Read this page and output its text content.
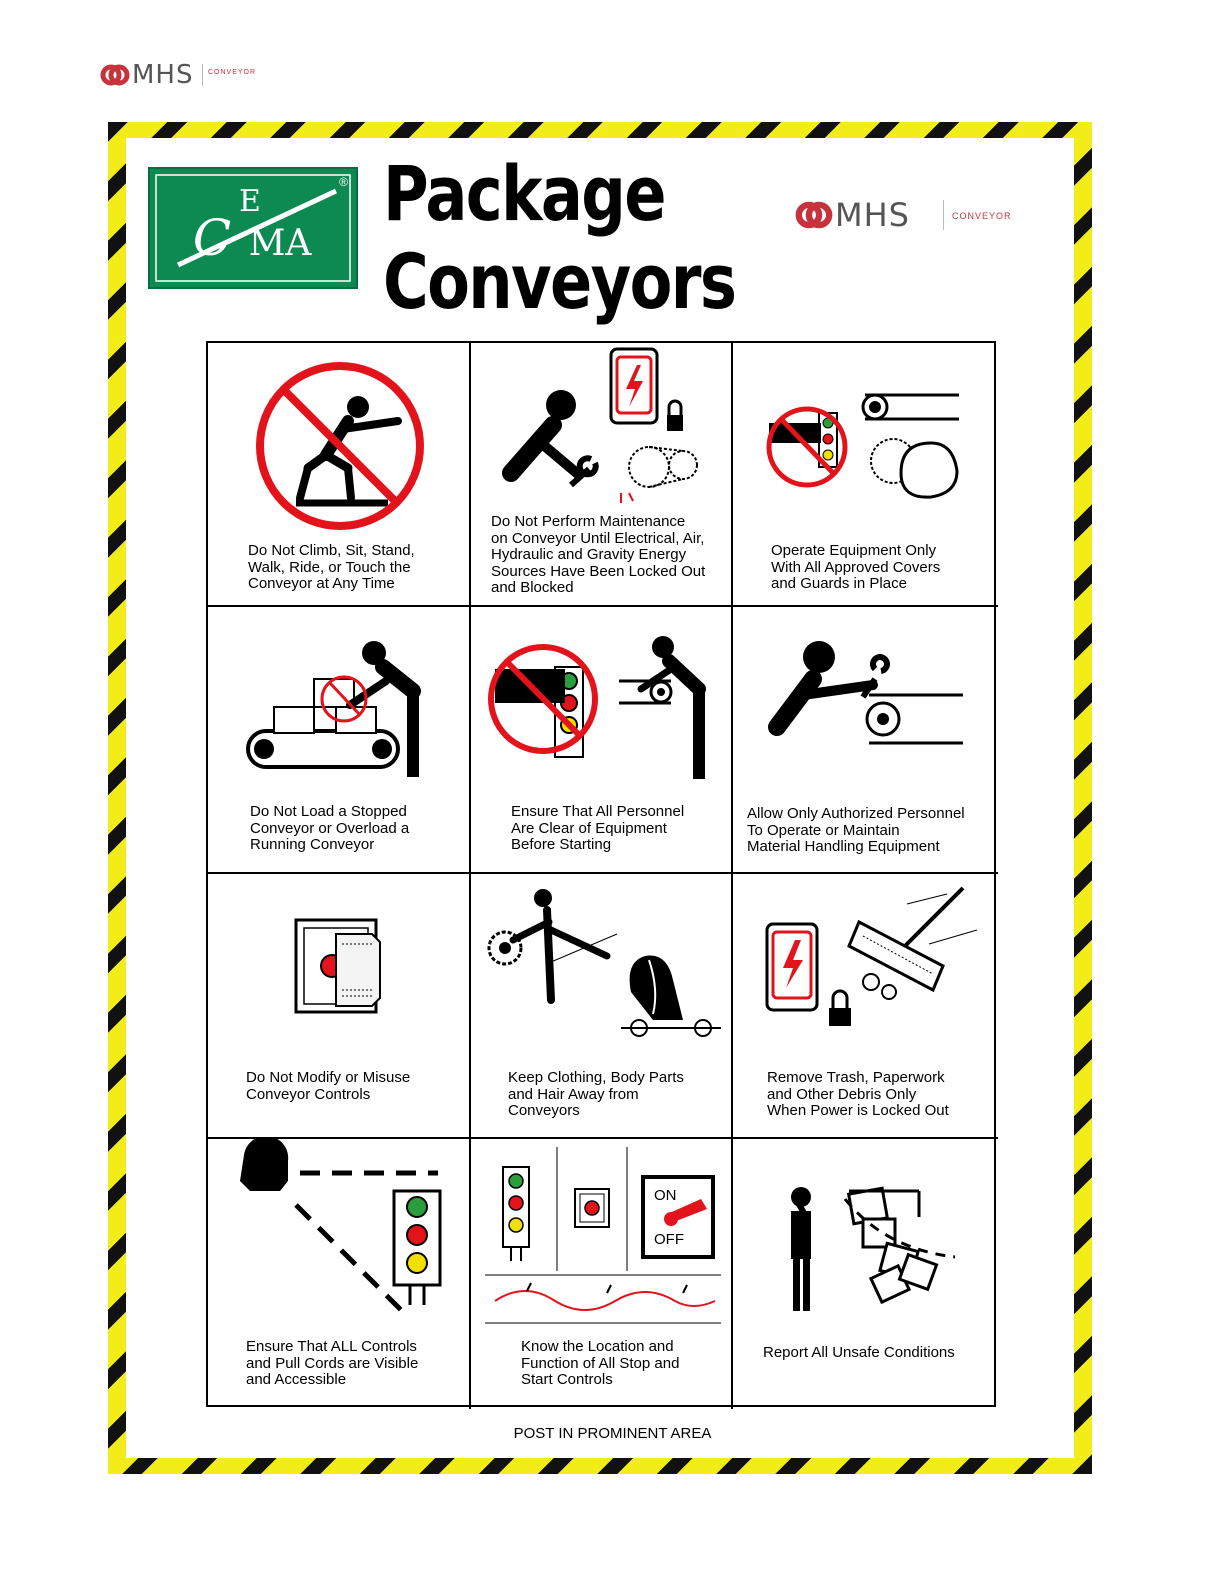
MHS CONVEYOR
E
C MA
® Package
Conveyors
MHS	CONVEYOR
Do Not Climb, Sit, Stand,
Walk, Ride, or Touch the
Conveyor at Any Time
Do Not Perform Maintenance
on Conveyor Until Electrical, Air,
Hydraulic and Gravity Energy
Sources Have Been Locked Out
and Blocked
Operate Equipment Only
With All Approved Covers
and Guards in Place
Do Not Load a Stopped
Conveyor or Overload a
Running Conveyor
Ensure That All Personnel
Are Clear of Equipment
Before Starting
Allow Only Authorized Personnel
To Operate or Maintain
Material Handling Equipment
Do Not Modify or Misuse
Conveyor Controls
Keep Clothing, Body Parts
and Hair Away from
Conveyors
Remove Trash, Paperwork
and Other Debris Only
When Power is Locked Out
Ensure That ALL Controls
and Pull Cords are Visible
and Accessible
ON
OFF
Know the Location and
Function of All Stop and
Start Controls
Report All Unsafe Conditions
POST IN PROMINENT AREA
